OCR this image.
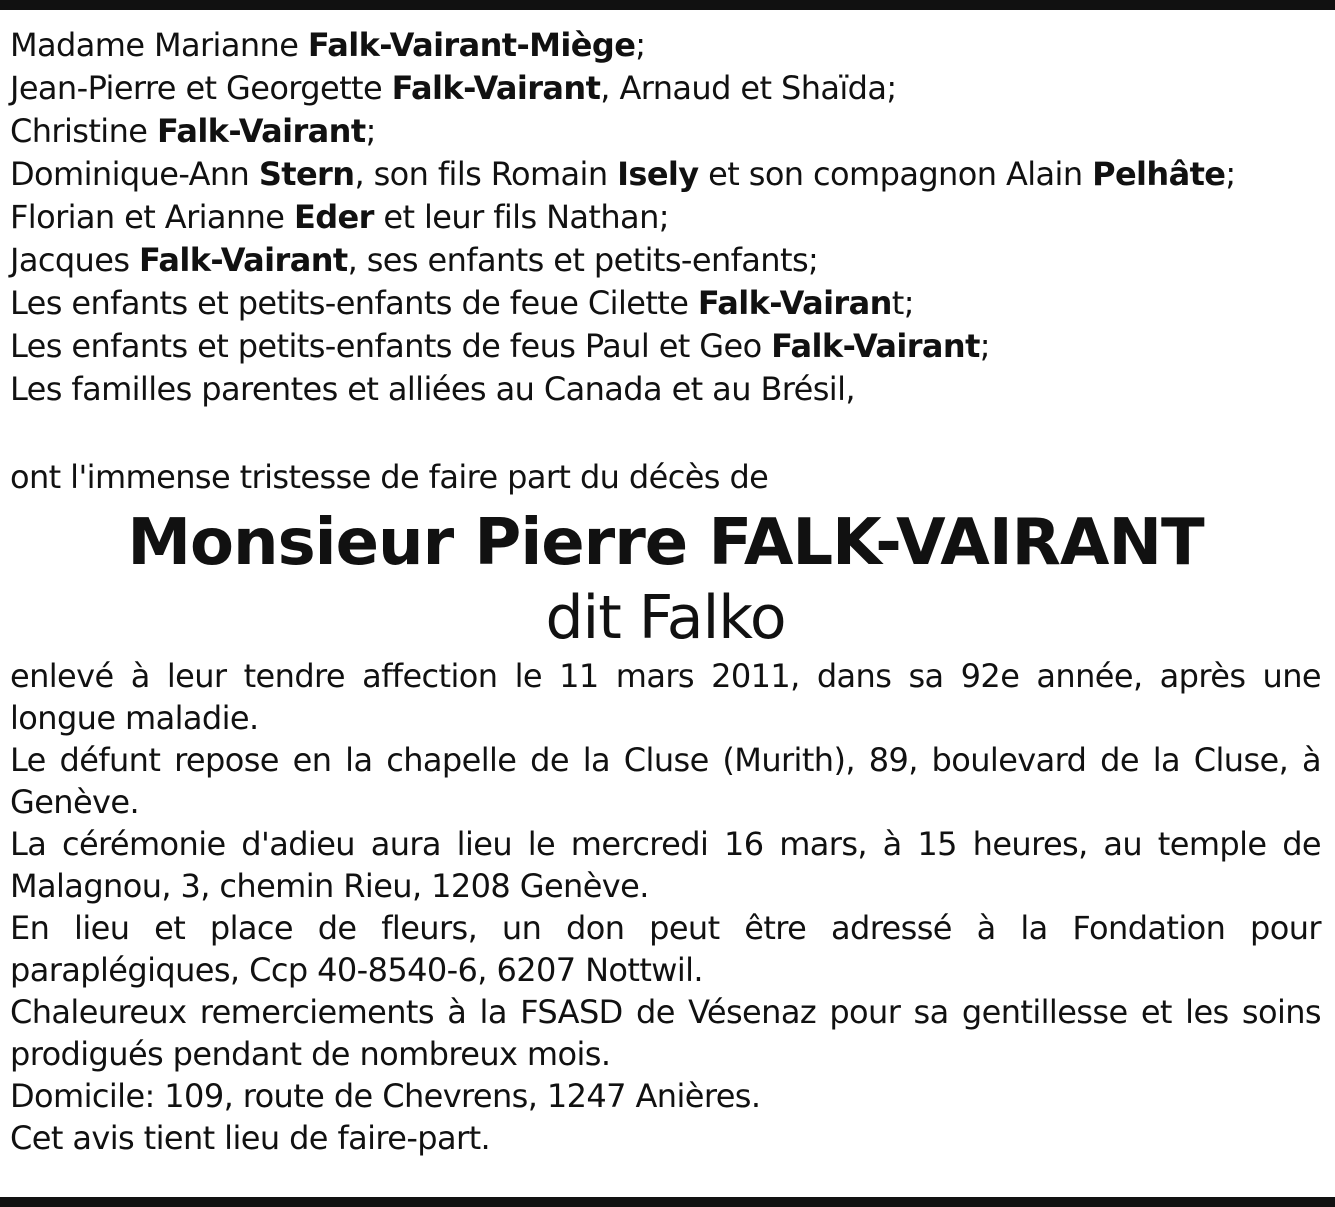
Madame Marianne Falk-Vairant-Miège;
Jean-Pierre et Georgette Falk-Vairant, Arnaud et Shaïda;
Christine Falk-Vairant;
Dominique-Ann Stern, son fils Romain Isely et son compagnon Alain Pelhâte;
Florian et Arianne Eder et leur fils Nathan;
Jacques Falk-Vairant, ses enfants et petits-enfants;
Les enfants et petits-enfants de feue Cilette Falk-Vairant;
Les enfants et petits-enfants de feus Paul et Geo Falk-Vairant;
Les familles parentes et alliées au Canada et au Brésil,
ont l'immense tristesse de faire part du décès de
Monsieur Pierre FALK-VAIRANT
dit Falko
enlevé à leur tendre affection le 11 mars 2011, dans sa 92e année, après une longue maladie.
Le défunt repose en la chapelle de la Cluse (Murith), 89, boulevard de la Cluse, à Genève.
La cérémonie d'adieu aura lieu le mercredi 16 mars, à 15 heures, au temple de Malagnou, 3, chemin Rieu, 1208 Genève.
En lieu et place de fleurs, un don peut être adressé à la Fondation pour paraplégiques, Ccp 40-8540-6, 6207 Nottwil.
Chaleureux remerciements à la FSASD de Vésenaz pour sa gentillesse et les soins prodigués pendant de nombreux mois.
Domicile: 109, route de Chevrens, 1247 Anières.
Cet avis tient lieu de faire-part.
